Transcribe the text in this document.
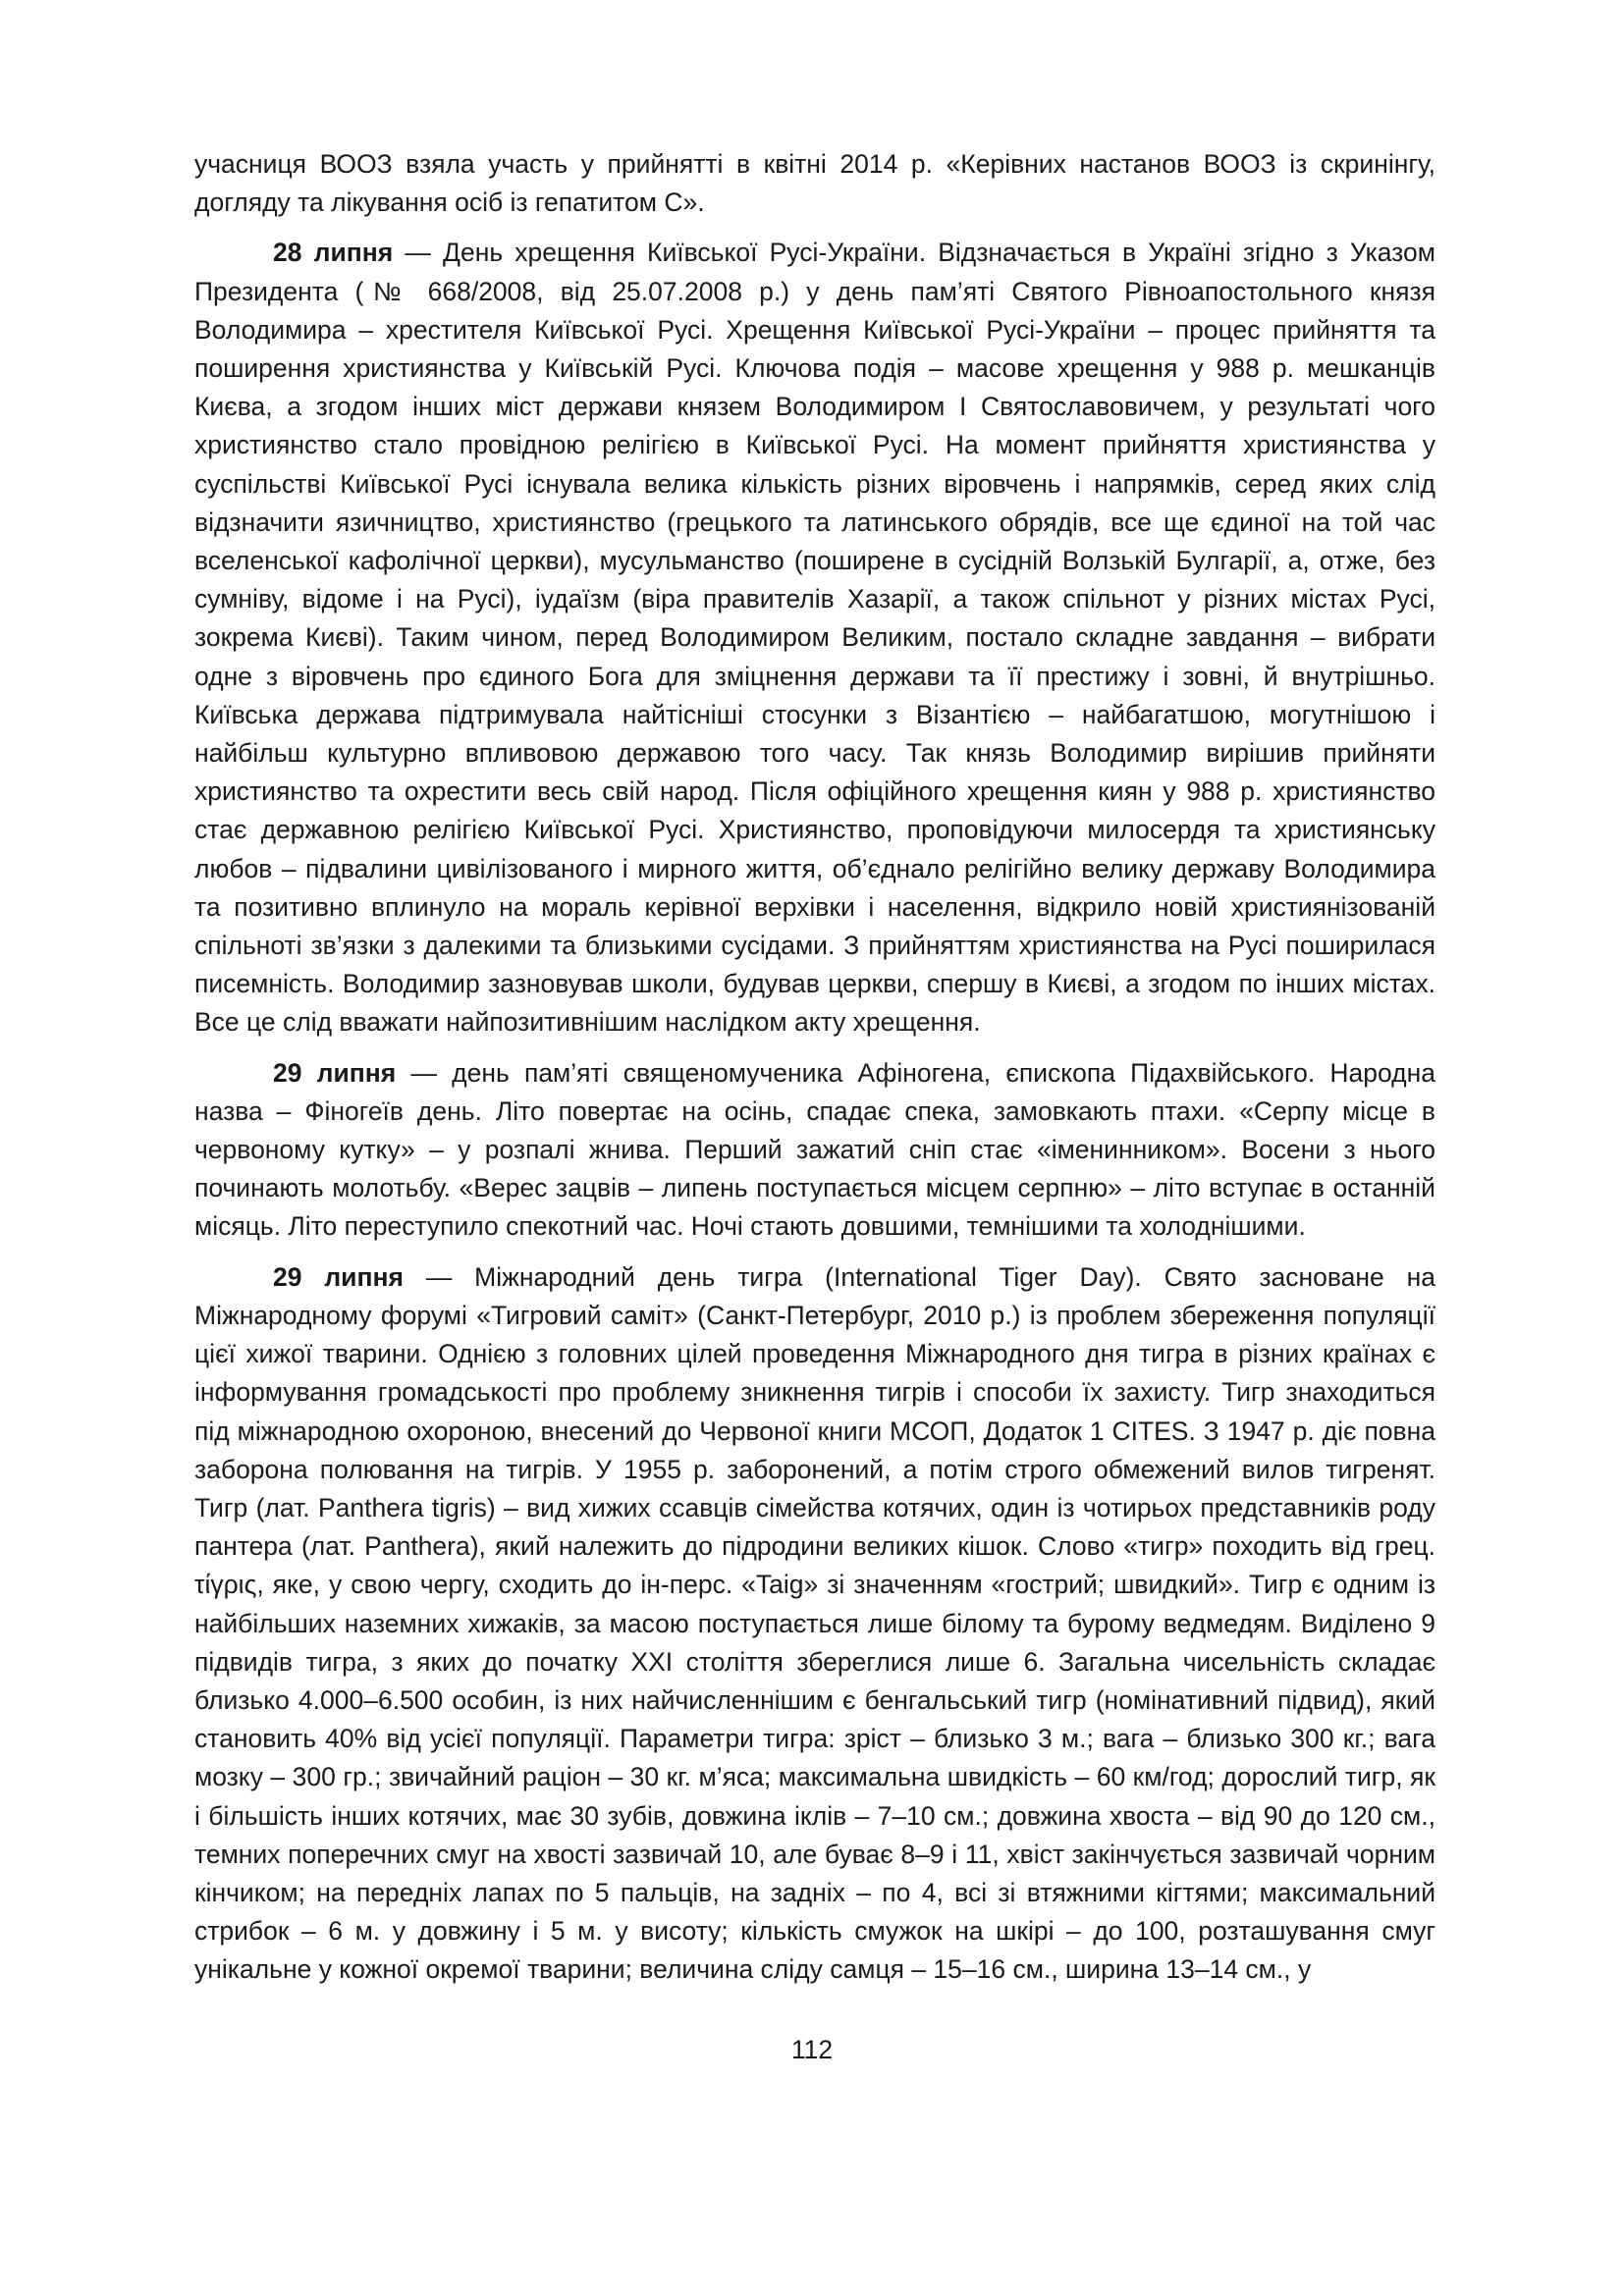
учасниця ВООЗ взяла участь у прийнятті в квітні 2014 р. «Керівних настанов ВООЗ із скринінгу, догляду та лікування осіб із гепатитом С».

28 липня — День хрещення Київської Русі-України. Відзначається в Україні згідно з Указом Президента (№ 668/2008, від 25.07.2008 р.) у день пам’яті Святого Рівноапостольного князя Володимира – хрестителя Київської Русі. Хрещення Київської Русі-України – процес прийняття та поширення християнства у Київській Русі. Ключова подія – масове хрещення у 988 р. мешканців Києва, а згодом інших міст держави князем Володимиром І Святославовичем, у результаті чого християнство стало провідною релігією в Київської Русі. На момент прийняття християнства у суспільстві Київської Русі існувала велика кількість різних віровчень і напрямків, серед яких слід відзначити язичництво, християнство (грецького та латинського обрядів, все ще єдиної на той час вселенської кафолічної церкви), мусульманство (поширене в сусідній Волзькій Булгарії, а, отже, без сумніву, відоме і на Русі), іудаїзм (віра правителів Хазарії, а також спільнот у різних містах Русі, зокрема Києві). Таким чином, перед Володимиром Великим, постало складне завдання – вибрати одне з віровчень про єдиного Бога для зміцнення держави та її престижу і зовні, й внутрішньо. Київська держава підтримувала найтісніші стосунки з Візантією – найбагатшою, могутнішою і найбільш культурно впливовою державою того часу. Так князь Володимир вирішив прийняти християнство та охрестити весь свій народ. Після офіційного хрещення киян у 988 р. християнство стає державною релігією Київської Русі. Християнство, проповідуючи милосердя та християнську любов – підвалини цивілізованого і мирного життя, об’єднало релігійно велику державу Володимира та позитивно вплинуло на мораль керівної верхівки і населення, відкрило новій християнізованій спільноті зв’язки з далекими та близькими сусідами. З прийняттям християнства на Русі поширилася писемність. Володимир зазновував школи, будував церкви, спершу в Києві, а згодом по інших містах. Все це слід вважати найпозитивнішим наслідком акту хрещення.

29 липня — день пам’яті священомученика Афіногена, єпископа Підахвійського. Народна назва – Фіногеїв день. Літо повертає на осінь, спадає спека, замовкають птахи. «Серпу місце в червоному кутку» – у розпалі жнива. Перший зажатий сніп стає «іменинником». Восени з нього починають молотьбу. «Верес зацвів – липень поступається місцем серпню» – літо вступає в останній місяць. Літо переступило спекотний час. Ночі стають довшими, темнішими та холоднішими.

29 липня — Міжнародний день тигра (International Tiger Day). Свято засноване на Міжнародному форумі «Тигровий саміт» (Санкт-Петербург, 2010 р.) із проблем збереження популяції цієї хижої тварини. Однією з головних цілей проведення Міжнародного дня тигра в різних країнах є інформування громадськості про проблему зникнення тигрів і способи їх захисту. Тигр знаходиться під міжнародною охороною, внесений до Червоної книги МСОП, Додаток 1 CITES. З 1947 р. діє повна заборона полювання на тигрів. У 1955 р. заборонений, а потім строго обмежений вилов тигренят. Тигр (лат. Panthera tigris) – вид хижих ссавців сімейства котячих, один із чотирьох представників роду пантера (лат. Panthera), який належить до підродини великих кішок. Слово «тигр» походить від грец. τίγρις, яке, у свою чергу, сходить до ін-перс. «Taig» зі значенням «гострий; швидкий». Тигр є одним із найбільших наземних хижаків, за масою поступається лише білому та бурому ведмедям. Виділено 9 підвидів тигра, з яких до початку XXI століття збереглися лише 6. Загальна чисельність складає близько 4.000–6.500 особин, із них найчисленнішим є бенгальський тигр (номінативний підвид), який становить 40% від усієї популяції. Параметри тигра: зріст – близько 3 м.; вага – близько 300 кг.; вага мозку – 300 гр.; звичайний раціон – 30 кг. м’яса; максимальна швидкість – 60 км/год; дорослий тигр, як і більшість інших котячих, має 30 зубів, довжина іклів – 7–10 см.; довжина хвоста – від 90 до 120 см., темних поперечних смуг на хвості зазвичай 10, але буває 8–9 і 11, хвіст закінчується зазвичай чорним кінчиком; на передніх лапах по 5 пальців, на задніх – по 4, всі зі втяжними кігтями; максимальний стрибок – 6 м. у довжину і 5 м. у висоту; кількість смужок на шкірі – до 100, розташування смуг унікальне у кожної окремої тварини; величина сліду самця – 15–16 см., ширина 13–14 см., у

112
